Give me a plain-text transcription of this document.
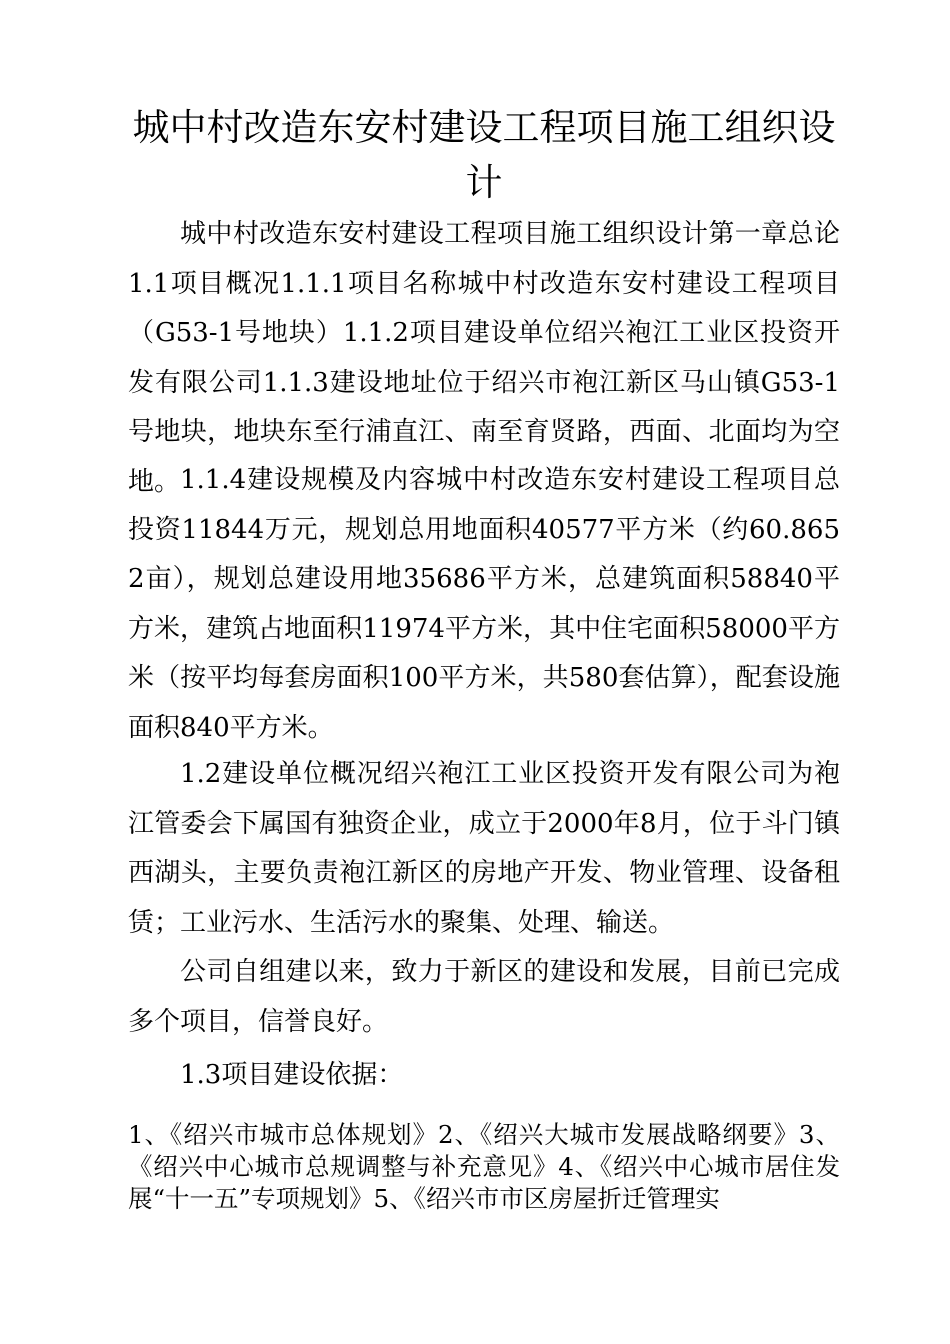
城中村改造东安村建设工程项目施工组织设计

城中村改造东安村建设工程项目施工组织设计第一章总论1.1项目概况1.1.1项目名称城中村改造东安村建设工程项目（G53-1号地块）1.1.2项目建设单位绍兴袍江工业区投资开发有限公司1.1.3建设地址位于绍兴市袍江新区马山镇G53-1号地块，地块东至行浦直江、南至育贤路，西面、北面均为空地。 1.1.4建设规模及内容城中村改造东安村建设工程项目总投资11844万元，规划总用地面积40577平方米（约60.8652亩），规划总建设用地35686平方米，总建筑面积58840平方米，建筑占地面积11974平方米，其中住宅面积58000平方米（按平均每套房面积100平方米，共580套估算），配套设施面积840平方米。

1.2建设单位概况绍兴袍江工业区投资开发有限公司为袍江管委会下属国有独资企业，成立于2000年8月，位于斗门镇西湖头，主要负责袍江新区的房地产开发、物业管理、设备租赁；工业污水、生活污水的聚集、处理、输送。

公司自组建以来，致力于新区的建设和发展，目前已完成多个项目，信誉良好。

1.3项目建设依据：

1、《绍兴市城市总体规划》2、《绍兴大城市发展战略纲要》3、《绍兴中心城市总规调整与补充意见》4、《绍兴中心城市居住发展“十一五”专项规划》5、《绍兴市市区房屋折迁管理实
